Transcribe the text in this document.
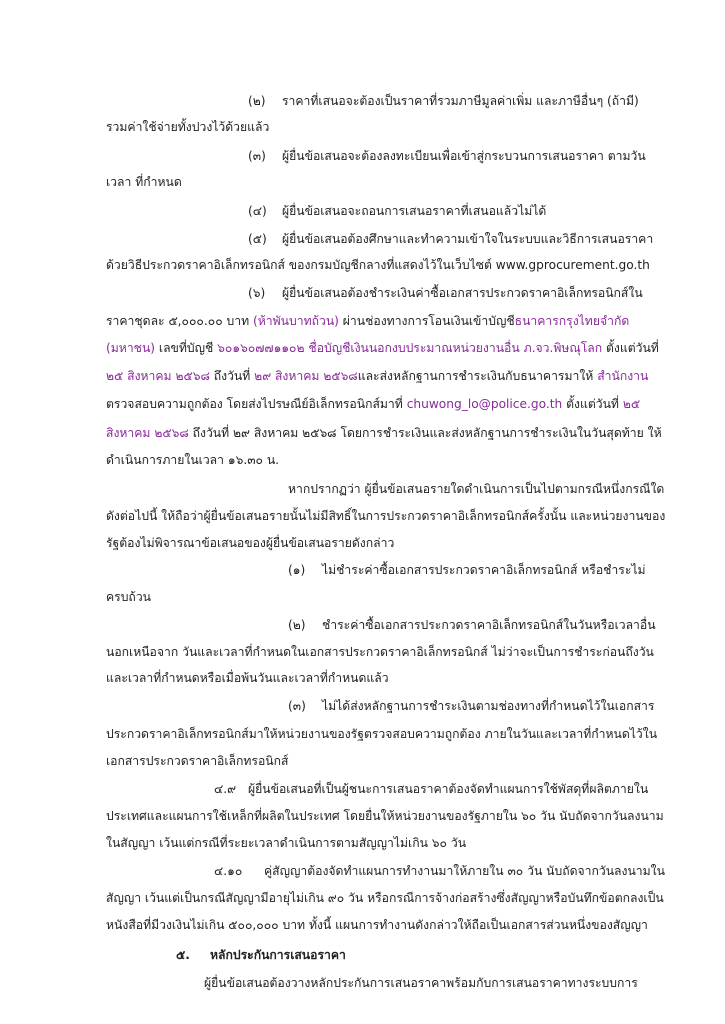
(๒) ราคาที่เสนอจะต้องเป็นราคาที่รวมภาษีมูลค่าเพิ่ม และภาษีอื่นๆ (ถ้ามี)
รวมค่าใช้จ่ายทั้งปวงไว้ด้วยแล้ว
(๓) ผู้ยื่นข้อเสนอจะต้องลงทะเบียนเพื่อเข้าสู่กระบวนการเสนอราคา ตามวัน
เวลา ที่กำหนด
(๔) ผู้ยื่นข้อเสนอจะถอนการเสนอราคาที่เสนอแล้วไม่ได้
(๕) ผู้ยื่นข้อเสนอต้องศึกษาและทำความเข้าใจในระบบและวิธีการเสนอราคา
ด้วยวิธีประกวดราคาอิเล็กทรอนิกส์ ของกรมบัญชีกลางที่แสดงไว้ในเว็บไซต์ www.gprocurement.go.th
(๖) ผู้ยื่นข้อเสนอต้องชำระเงินค่าซื้อเอกสารประกวดราคาอิเล็กทรอนิกส์ใน
ราคาชุดละ ๕,๐๐๐.๐๐ บาท (ห้าพันบาทถ้วน) ผ่านช่องทางการโอนเงินเข้าบัญชีธนาคารกรุงไทยจำกัด
(มหาชน) เลขที่บัญชี ๖๐๑๖๐๗๗๑๑๐๒ ชื่อบัญชีเงินนอกงบประมาณหน่วยงานอื่น ภ.จว.พิษณุโลก ตั้งแต่วันที่
๒๕ สิงหาคม ๒๕๖๘ ถึงวันที่ ๒๙ สิงหาคม ๒๕๖๘และส่งหลักฐานการชำระเงินกับธนาคารมาให้ สำนักงาน
ตรวจสอบความถูกต้อง โดยส่งไปรษณีย์อิเล็กทรอนิกส์มาที่ chuwong_lo@police.go.th ตั้งแต่วันที่ ๒๕
สิงหาคม ๒๕๖๘ ถึงวันที่ ๒๙ สิงหาคม ๒๕๖๘ โดยการชำระเงินและส่งหลักฐานการชำระเงินในวันสุดท้าย ให้
ดำเนินการภายในเวลา ๑๖.๓๐ น.
หากปรากฏว่า ผู้ยื่นข้อเสนอรายใดดำเนินการเป็นไปตามกรณีหนึ่งกรณีใด
ดังต่อไปนี้ ให้ถือว่าผู้ยื่นข้อเสนอรายนั้นไม่มีสิทธิ์ในการประกวดราคาอิเล็กทรอนิกส์ครั้งนั้น และหน่วยงานของ
รัฐต้องไม่พิจารณาข้อเสนอของผู้ยื่นข้อเสนอรายดังกล่าว
(๑) ไม่ชำระค่าซื้อเอกสารประกวดราคาอิเล็กทรอนิกส์ หรือชำระไม่
ครบถ้วน
(๒) ชำระค่าซื้อเอกสารประกวดราคาอิเล็กทรอนิกส์ในวันหรือเวลาอื่น
นอกเหนือจาก วันและเวลาที่กำหนดในเอกสารประกวดราคาอิเล็กทรอนิกส์ ไม่ว่าจะเป็นการชำระก่อนถึงวัน
และเวลาที่กำหนดหรือเมื่อพ้นวันและเวลาที่กำหนดแล้ว
(๓) ไม่ได้ส่งหลักฐานการชำระเงินตามช่องทางที่กำหนดไว้ในเอกสาร
ประกวดราคาอิเล็กทรอนิกส์มาให้หน่วยงานของรัฐตรวจสอบความถูกต้อง ภายในวันและเวลาที่กำหนดไว้ใน
เอกสารประกวดราคาอิเล็กทรอนิกส์
๔.๙ ผู้ยื่นข้อเสนอที่เป็นผู้ชนะการเสนอราคาต้องจัดทำแผนการใช้พัสดุที่ผลิตภายใน
ประเทศและแผนการใช้เหล็กที่ผลิตในประเทศ โดยยื่นให้หน่วยงานของรัฐภายใน ๖๐ วัน นับถัดจากวันลงนาม
ในสัญญา เว้นแต่กรณีที่ระยะเวลาดำเนินการตามสัญญาไม่เกิน ๖๐ วัน
๔.๑๐ คู่สัญญาต้องจัดทำแผนการทำงานมาให้ภายใน ๓๐ วัน นับถัดจากวันลงนามใน
สัญญา เว้นแต่เป็นกรณีสัญญามีอายุไม่เกิน ๙๐ วัน หรือกรณีการจ้างก่อสร้างซึ่งสัญญาหรือบันทึกข้อตกลงเป็น
หนังสือที่มีวงเงินไม่เกิน ๕๐๐,๐๐๐ บาท ทั้งนี้ แผนการทำงานดังกล่าวให้ถือเป็นเอกสารส่วนหนึ่งของสัญญา
๕. หลักประกันการเสนอราคา
ผู้ยื่นข้อเสนอต้องวางหลักประกันการเสนอราคาพร้อมกับการเสนอราคาทางระบบการ
